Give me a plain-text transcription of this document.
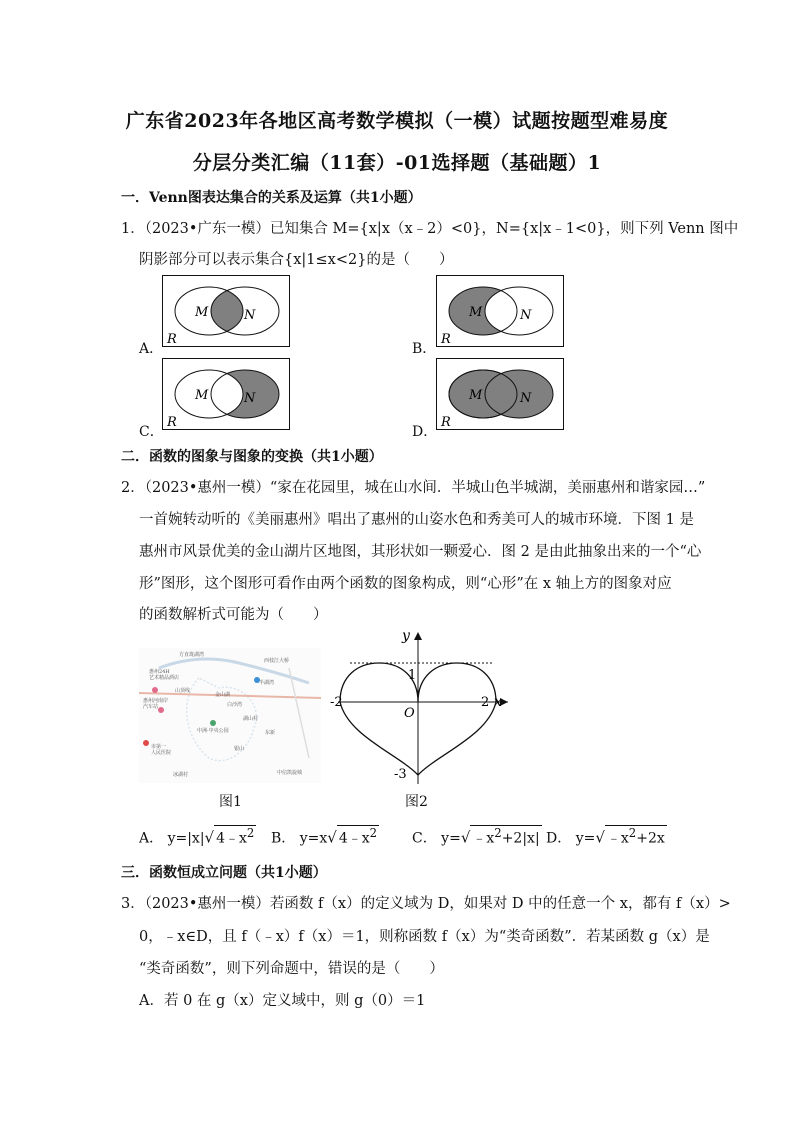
广东省2023年各地区高考数学模拟（一模）试题按题型难易度
分层分类汇编（11套）-01选择题（基础题）1
一．Venn图表达集合的关系及运算（共1小题）
1．（2023•广东一模）已知集合 M={x|x（x﹣2）<0}，N={x|x﹣1<0}，则下列 Venn 图中
阴影部分可以表示集合{x|1≤x<2}的是（　　）
A．
M	N
R
B．
M	N
R
C．
M	N
R
D．
M	N
R
二．函数的图象与图象的变换（共1小题）
2．（2023•惠州一模）“家在花园里，城在山水间．半城山色半城湖，美丽惠州和谐家园…”
一首婉转动听的《美丽惠州》唱出了惠州的山姿水色和秀美可人的城市环境．下图 1 是
惠州市风景优美的金山湖片区地图，其形状如一颗爱心．图 2 是由此抽象出来的一个“心
形”图形，这个图形可看作由两个函数的图象构成，则“心形”在 x 轴上方的图象对应
的函数解析式可能为（　　）
方直珑湖湾
惠州24H
艺术精品酒店
西枝江大桥
惠州河南岸
汽车站
山顶线
金山湖
半湖湾
中洲·中央公园
市第一
人民医院
银山
冰湖村	中信凯旋城
白沙湾
湖山村
东新
图1
y
x
O
1
-2	2
-3
图2
A． y=|x|√ $4﹣x^2$ B． y=x√ $4﹣x^2$ C． y=√ $﹣x^2+2|x|$ D． y=√ $﹣x^2+2x$
三．函数恒成立问题（共1小题）
3．（2023•惠州一模）若函数 f（x）的定义域为 D，如果对 D 中的任意一个 x，都有 f（x）>
0，﹣x∈D，且 f（﹣x）f（x）＝1，则称函数 f（x）为“类奇函数”．若某函数 g（x）是
“类奇函数”，则下列命题中，错误的是（　　）
A．若 0 在 g（x）定义域中，则 g（0）＝1
